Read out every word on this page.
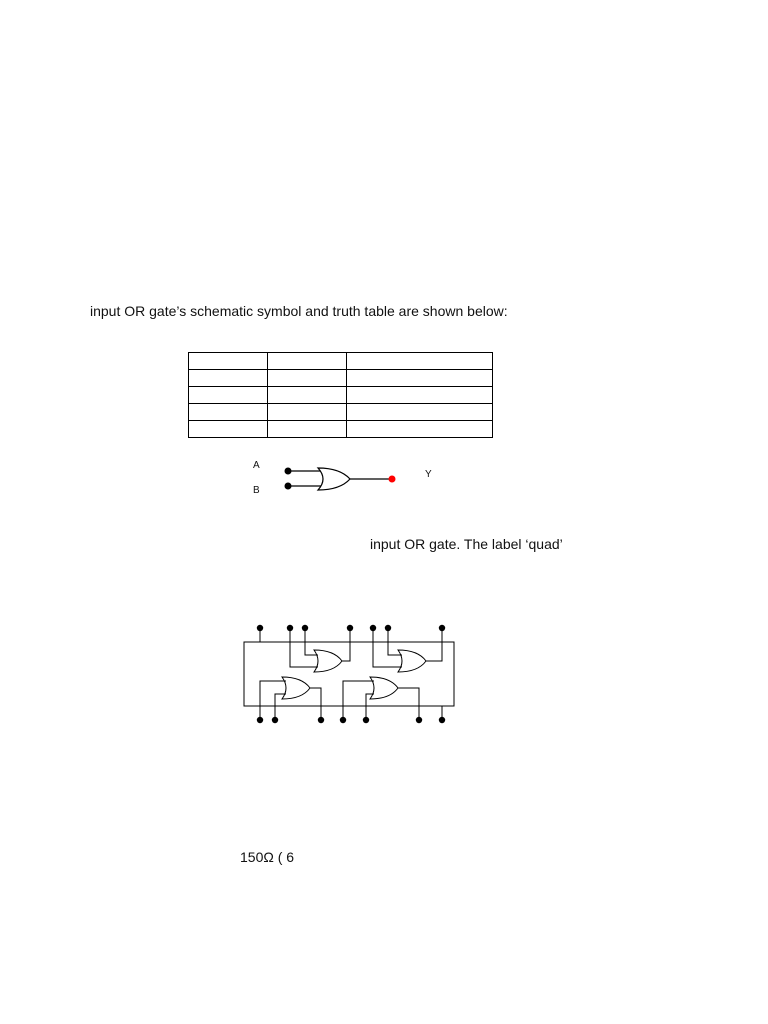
input OR gate’s schematic symbol and truth table are shown below:

A
B
Y
input OR gate. The label ‘quad’
150Ω ( 6
